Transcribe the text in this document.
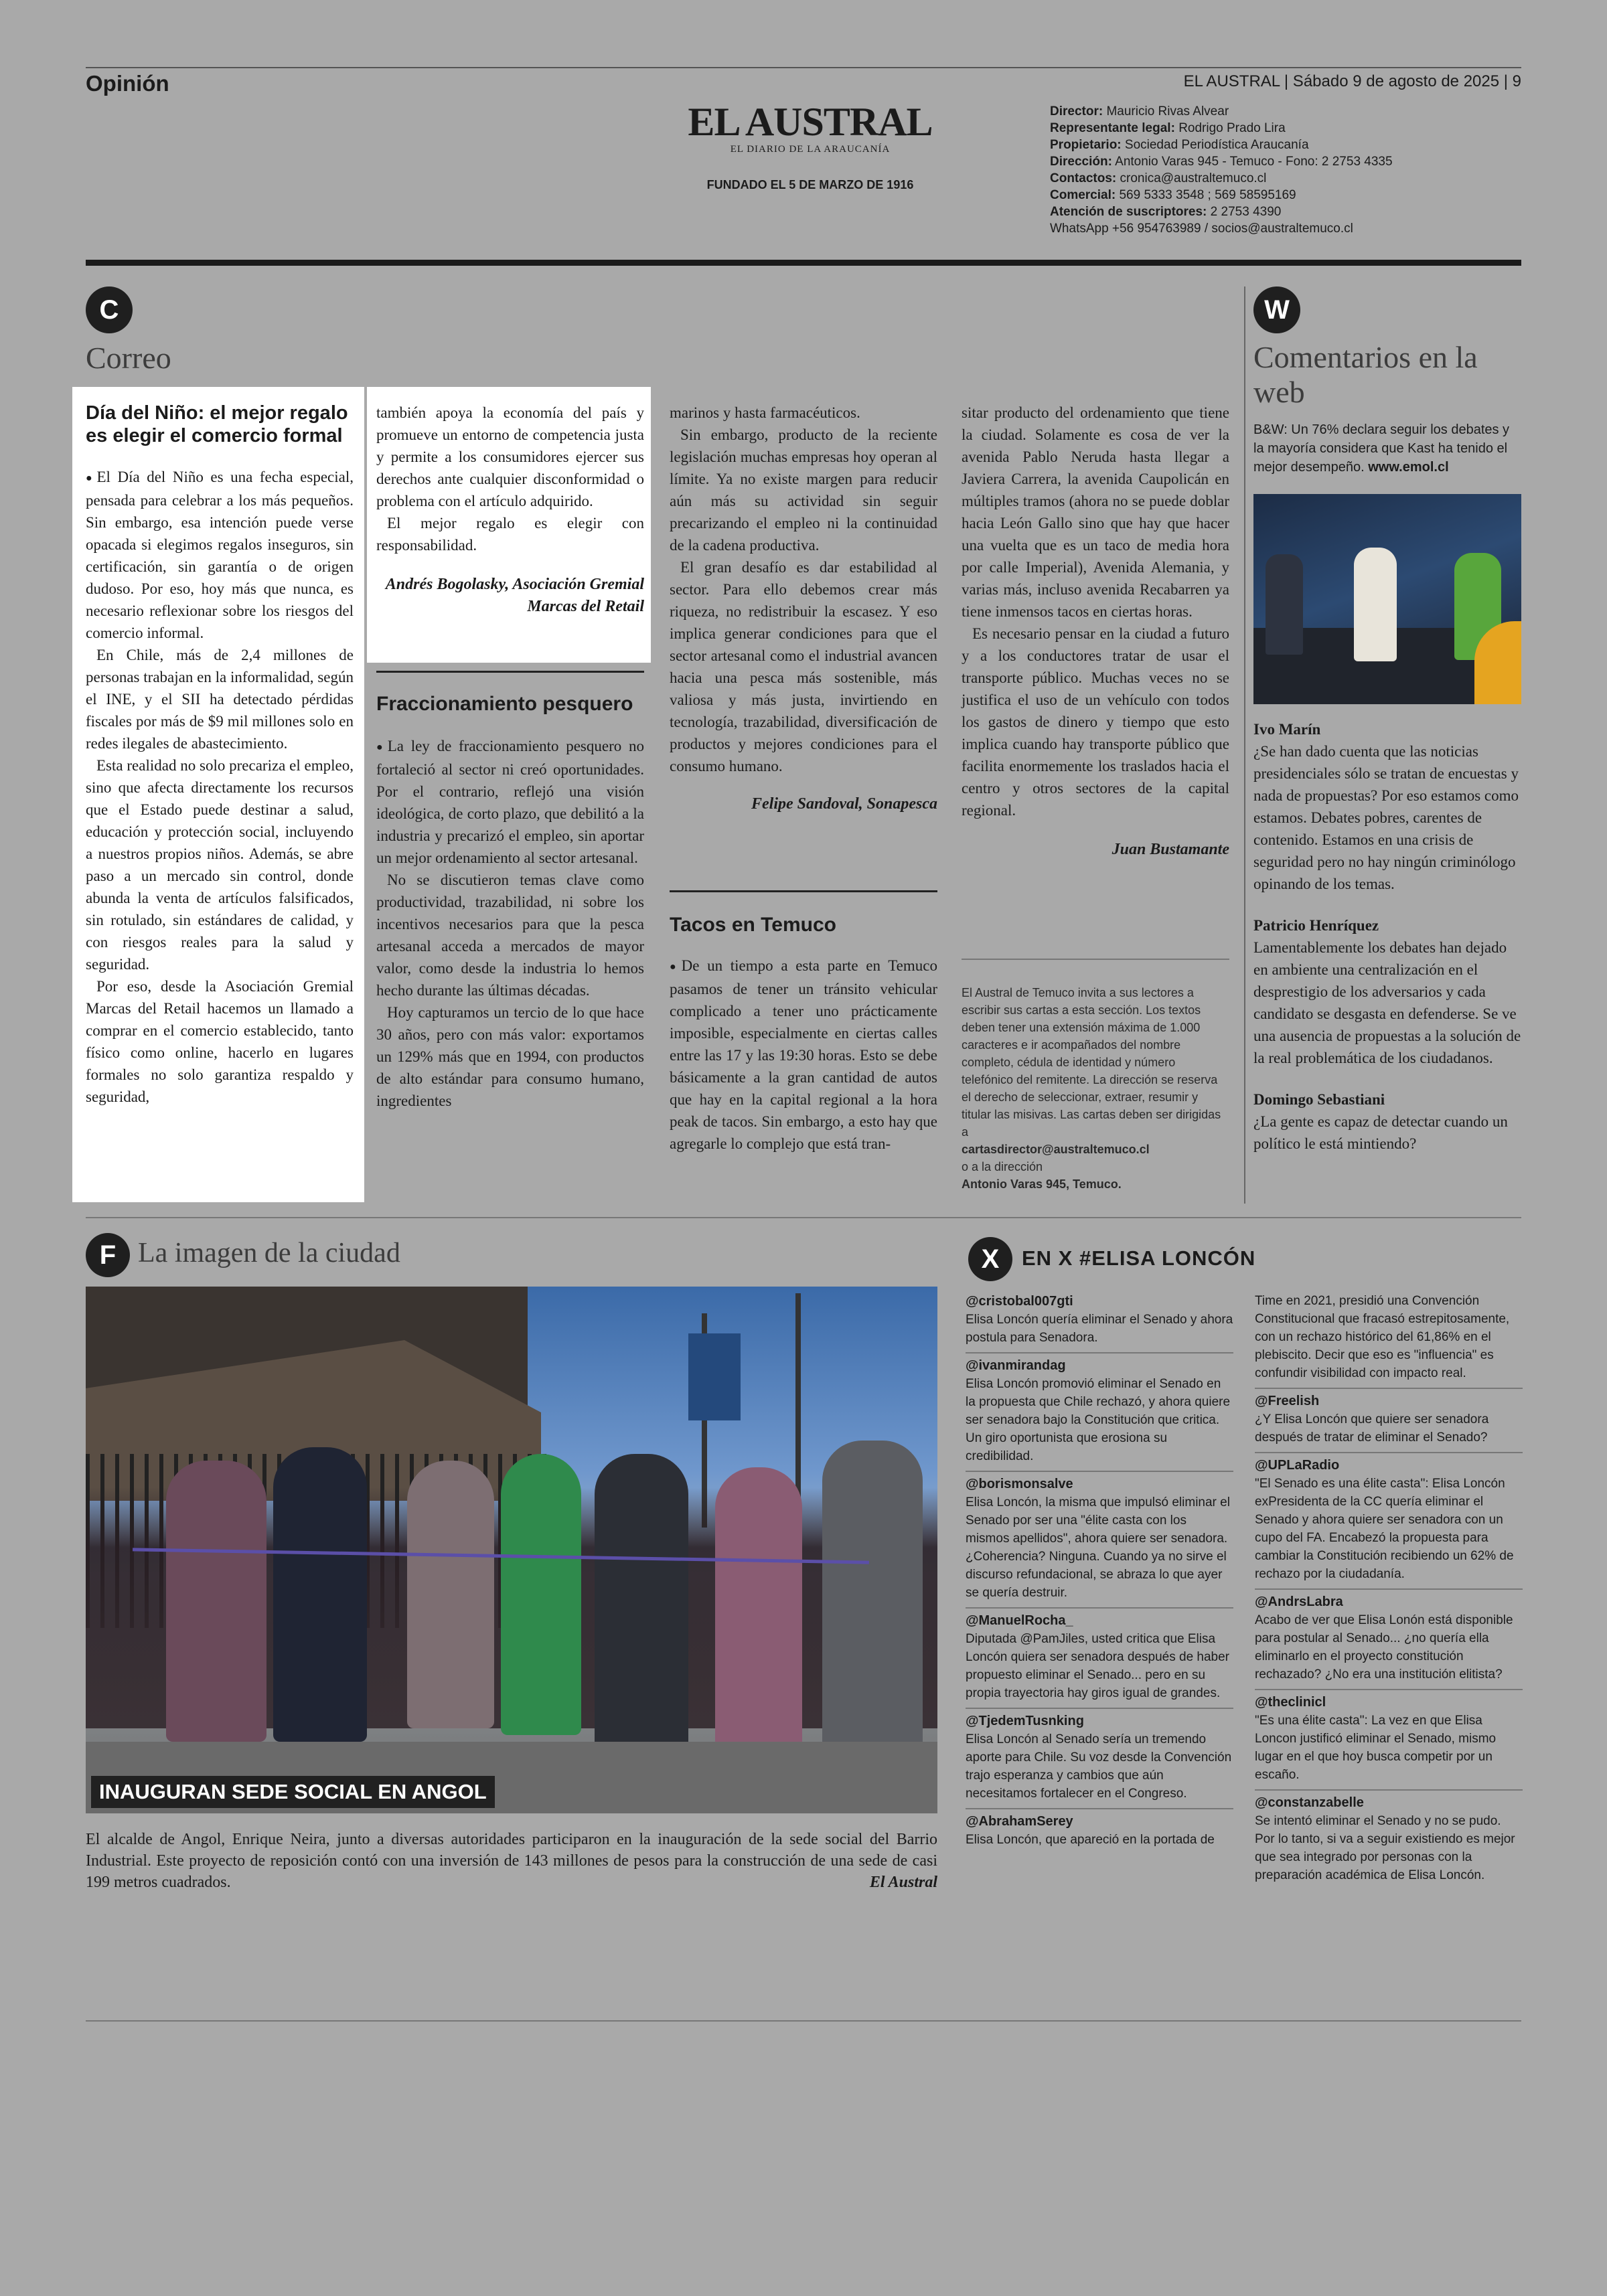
Opinión	EL AUSTRAL | Sábado 9 de agosto de 2025 | 9
EL AUSTRAL
EL DIARIO DE LA ARAUCANÍA
FUNDADO EL 5 DE MARZO DE 1916
Director: Mauricio Rivas Alvear
Representante legal: Rodrigo Prado Lira
Propietario: Sociedad Periodística Araucanía
Dirección: Antonio Varas 945 - Temuco - Fono: 2 2753 4335
Contactos: cronica@australtemuco.cl
Comercial: 569 5333 3548 ; 569 58595169
Atención de suscriptores: 2 2753 4390
WhatsApp +56 954763989 / socios@australtemuco.cl
C
Correo
Día del Niño: el mejor regalo es elegir el comercio formal

● El Día del Niño es una fecha especial, pensada para celebrar a los más pequeños. Sin embargo, esa intención puede verse opacada si elegimos regalos inseguros, sin certificación, sin garantía o de origen dudoso. Por eso, hoy más que nunca, es necesario reflexionar sobre los riesgos del comercio informal.

En Chile, más de 2,4 millones de personas trabajan en la informalidad, según el INE, y el SII ha detectado pérdidas fiscales por más de $9 mil millones solo en redes ilegales de abastecimiento.

Esta realidad no solo precariza el empleo, sino que afecta directamente los recursos que el Estado puede destinar a salud, educación y protección social, incluyendo a nuestros propios niños. Además, se abre paso a un mercado sin control, donde abunda la venta de artículos falsificados, sin rotulado, sin estándares de calidad, y con riesgos reales para la salud y seguridad.

Por eso, desde la Asociación Gremial Marcas del Retail hacemos un llamado a comprar en el comercio establecido, tanto físico como online, hacerlo en lugares formales no solo garantiza respaldo y seguridad,

también apoya la economía del país y promueve un entorno de competencia justa y permite a los consumidores ejercer sus derechos ante cualquier disconformidad o problema con el artículo adquirido.

El mejor regalo es elegir con responsabilidad.

Andrés Bogolasky, Asociación Gremial Marcas del Retail
Fraccionamiento pesquero

● La ley de fraccionamiento pesquero no fortaleció al sector ni creó oportunidades. Por el contrario, reflejó una visión ideológica, de corto plazo, que debilitó a la industria y precarizó el empleo, sin aportar un mejor ordenamiento al sector artesanal.

No se discutieron temas clave como productividad, trazabilidad, ni sobre los incentivos necesarios para que la pesca artesanal acceda a mercados de mayor valor, como desde la industria lo hemos hecho durante las últimas décadas.

Hoy capturamos un tercio de lo que hace 30 años, pero con más valor: exportamos un 129% más que en 1994, con productos de alto estándar para consumo humano, ingredientes

marinos y hasta farmacéuticos.

Sin embargo, producto de la reciente legislación muchas empresas hoy operan al límite. Ya no existe margen para reducir aún más su actividad sin seguir precarizando el empleo ni la continuidad de la cadena productiva.

El gran desafío es dar estabilidad al sector. Para ello debemos crear más riqueza, no redistribuir la escasez. Y eso implica generar condiciones para que el sector artesanal como el industrial avancen hacia una pesca más sostenible, más valiosa y más justa, invirtiendo en tecnología, trazabilidad, diversificación de productos y mejores condiciones para el consumo humano.

Felipe Sandoval, Sonapesca
Tacos en Temuco

● De un tiempo a esta parte en Temuco pasamos de tener un tránsito vehicular complicado a tener uno prácticamente imposible, especialmente en ciertas calles entre las 17 y las 19:30 horas. Esto se debe básicamente a la gran cantidad de autos que hay en la capital regional a la hora peak de tacos. Sin embargo, a esto hay que agregarle lo complejo que está tran-

sitar producto del ordenamiento que tiene la ciudad. Solamente es cosa de ver la avenida Pablo Neruda hasta llegar a Javiera Carrera, la avenida Caupolicán en múltiples tramos (ahora no se puede doblar hacia León Gallo sino que hay que hacer una vuelta que es un taco de media hora por calle Imperial), Avenida Alemania, y varias más, incluso avenida Recabarren ya tiene inmensos tacos en ciertas horas.

Es necesario pensar en la ciudad a futuro y a los conductores tratar de usar el transporte público. Muchas veces no se justifica el uso de un vehículo con todos los gastos de dinero y tiempo que esto implica cuando hay transporte público que facilita enormemente los traslados hacia el centro y otros sectores de la capital regional.

Juan Bustamante
El Austral de Temuco invita a sus lectores a escribir sus cartas a esta sección. Los textos deben tener una extensión máxima de 1.000 caracteres e ir acompañados del nombre completo, cédula de identidad y número telefónico del remitente. La dirección se reserva el derecho de seleccionar, extraer, resumir y titular las misivas. Las cartas deben ser dirigidas a
cartasdirector@australtemuco.cl
o a la dirección
Antonio Varas 945, Temuco.
W
Comentarios en la web
B&W: Un 76% declara seguir los debates y la mayoría considera que Kast ha tenido el mejor desempeño. www.emol.cl
Ivo Marín
¿Se han dado cuenta que las noticias presidenciales sólo se tratan de encuestas y nada de propuestas? Por eso estamos como estamos. Debates pobres, carentes de contenido. Estamos en una crisis de seguridad pero no hay ningún criminólogo opinando de los temas.
Patricio Henríquez
Lamentablemente los debates han dejado en ambiente una centralización en el desprestigio de los adversarios y cada candidato se desgasta en defenderse. Se ve una ausencia de propuestas a la solución de la real problemática de los ciudadanos.
Domingo Sebastiani
¿La gente es capaz de detectar cuando un político le está mintiendo?
F La imagen de la ciudad
INAUGURAN SEDE SOCIAL EN ANGOL
El alcalde de Angol, Enrique Neira, junto a diversas autoridades participaron en la inauguración de la sede social del Barrio Industrial. Este proyecto de reposición contó con una inversión de 143 millones de pesos para la construcción de una sede de casi 199 metros cuadrados.	El Austral
X	EN X #ELISA LONCÓN
@cristobal007gti
Elisa Loncón quería eliminar el Senado y ahora postula para Senadora.
@ivanmirandag
Elisa Loncón promovió eliminar el Senado en la propuesta que Chile rechazó, y ahora quiere ser senadora bajo la Constitución que critica. Un giro oportunista que erosiona su credibilidad.
@borismonsalve
Elisa Loncón, la misma que impulsó eliminar el Senado por ser una "élite casta con los mismos apellidos", ahora quiere ser senadora. ¿Coherencia? Ninguna. Cuando ya no sirve el discurso refundacional, se abraza lo que ayer se quería destruir.
@ManuelRocha_
Diputada @PamJiles, usted critica que Elisa Loncón quiera ser senadora después de haber propuesto eliminar el Senado... pero en su propia trayectoria hay giros igual de grandes.
@TjedemTusnking
Elisa Loncón al Senado sería un tremendo aporte para Chile. Su voz desde la Convención trajo esperanza y cambios que aún necesitamos fortalecer en el Congreso.
@AbrahamSerey
Elisa Loncón, que apareció en la portada de
Time en 2021, presidió una Convención Constitucional que fracasó estrepitosamente, con un rechazo histórico del 61,86% en el plebiscito. Decir que eso es "influencia" es confundir visibilidad con impacto real.
@Freelish
¿Y Elisa Loncón que quiere ser senadora después de tratar de eliminar el Senado?
@UPLaRadio
"El Senado es una élite casta": Elisa Loncón exPresidenta de la CC quería eliminar el Senado y ahora quiere ser senadora con un cupo del FA. Encabezó la propuesta para cambiar la Constitución recibiendo un 62% de rechazo por la ciudadanía.
@AndrsLabra
Acabo de ver que Elisa Lonón está disponible para postular al Senado... ¿no quería ella eliminarlo en el proyecto constitución rechazado? ¿No era una institución elitista?
@theclinicl
"Es una élite casta": La vez en que Elisa Loncon justificó eliminar el Senado, mismo lugar en el que hoy busca competir por un escaño.
@constanzabelle
Se intentó eliminar el Senado y no se pudo. Por lo tanto, si va a seguir existiendo es mejor que sea integrado por personas con la preparación académica de Elisa Loncón.
